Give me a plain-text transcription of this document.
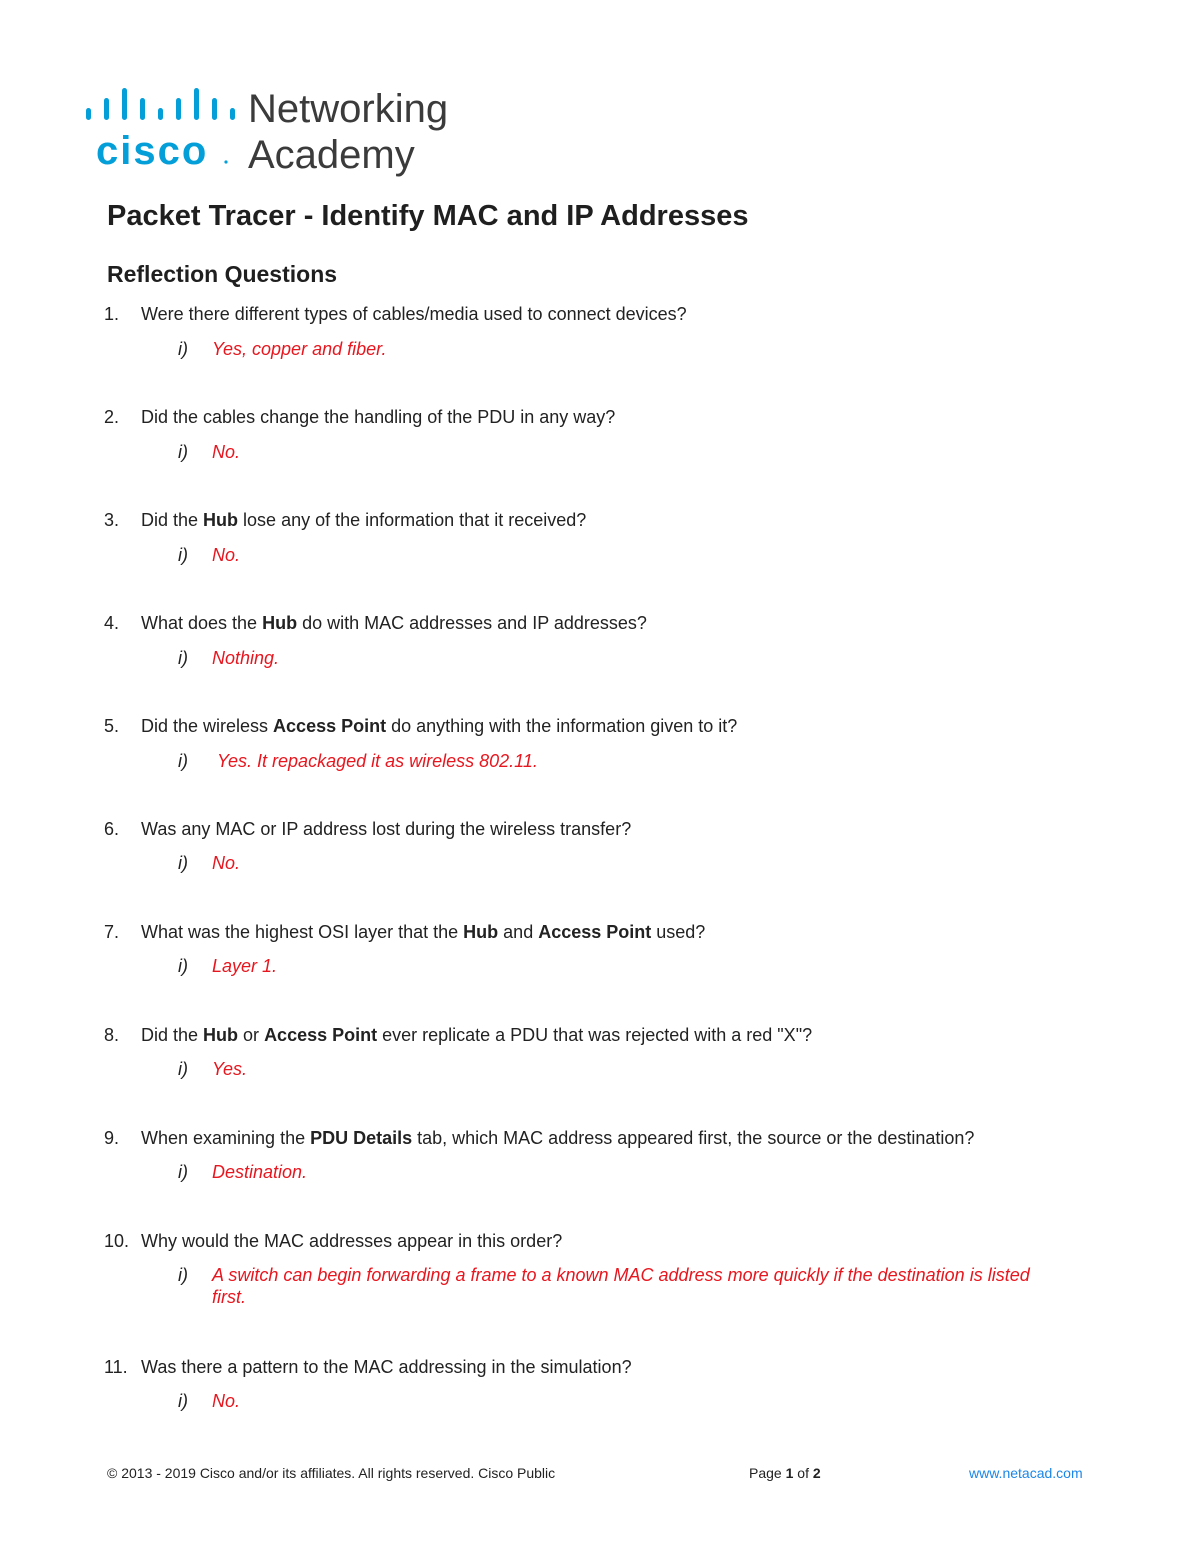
cisco
Networking
Academy
Packet Tracer - Identify MAC and IP Addresses
Reflection Questions
1. Were there different types of cables/media used to connect devices?
i) Yes, copper and fiber.
2. Did the cables change the handling of the PDU in any way?
i) No.
3. Did the Hub lose any of the information that it received?
i) No.
4. What does the Hub do with MAC addresses and IP addresses?
i) Nothing.
5. Did the wireless Access Point do anything with the information given to it?
i) Yes. It repackaged it as wireless 802.11.
6. Was any MAC or IP address lost during the wireless transfer?
i) No.
7. What was the highest OSI layer that the Hub and Access Point used?
i) Layer 1.
8. Did the Hub or Access Point ever replicate a PDU that was rejected with a red "X"?
i) Yes.
9. When examining the PDU Details tab, which MAC address appeared first, the source or the destination?
i) Destination.
10. Why would the MAC addresses appear in this order?
i) A switch can begin forwarding a frame to a known MAC address more quickly if the destination is listed first.
11. Was there a pattern to the MAC addressing in the simulation?
i) No.
© 2013 - 2019 Cisco and/or its affiliates. All rights reserved. Cisco Public	Page 1 of 2	www.netacad.com
